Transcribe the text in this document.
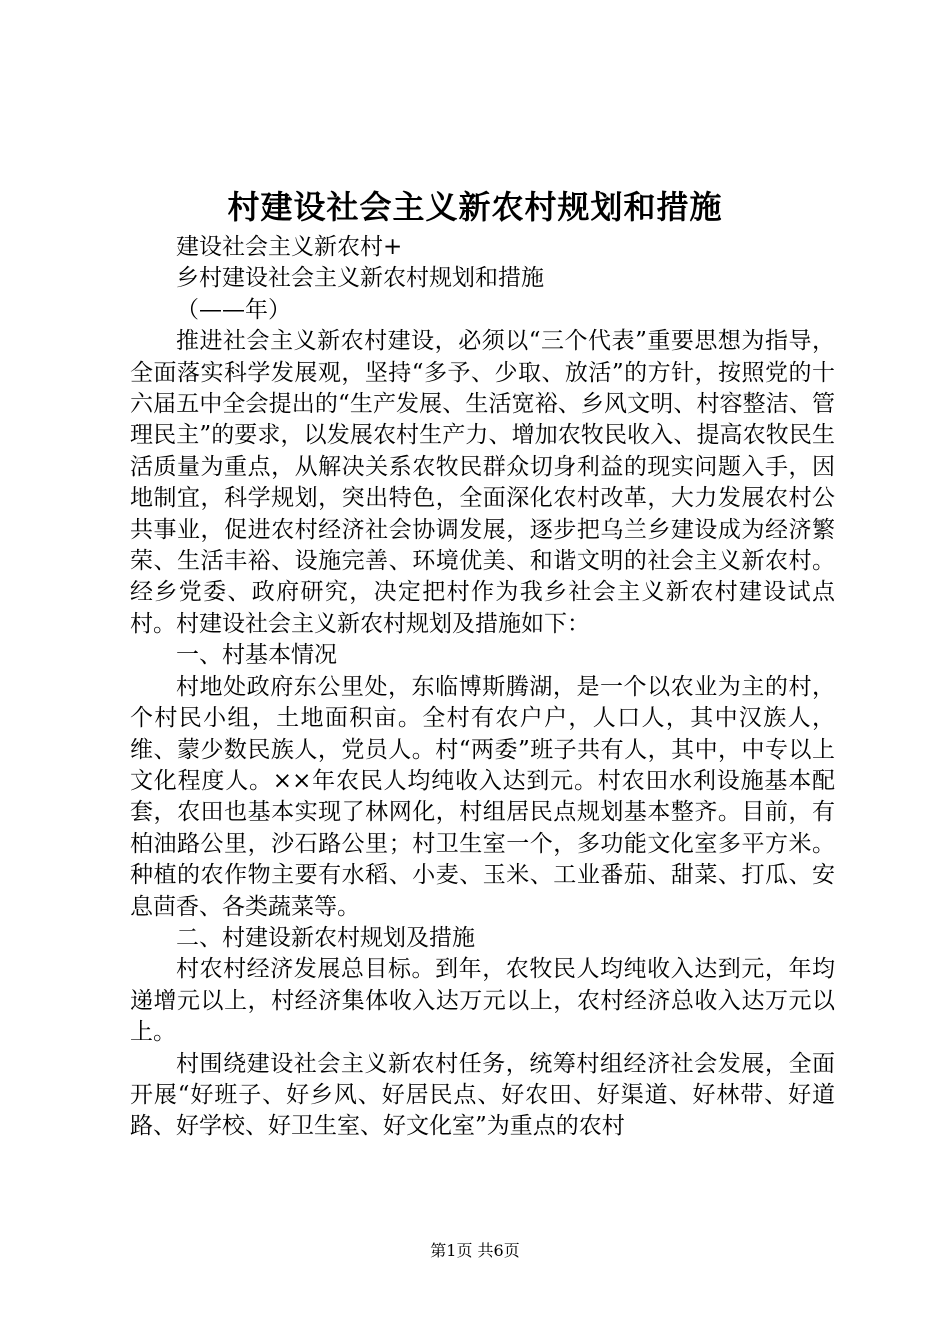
村建设社会主义新农村规划和措施

建设社会主义新农村+

乡村建设社会主义新农村规划和措施

（——年）

推进社会主义新农村建设，必须以“三个代表”重要思想为指导，全面落实科学发展观，坚持“多予、少取、放活”的方针，按照党的十六届五中全会提出的“生产发展、生活宽裕、乡风文明、村容整洁、管理民主”的要求，以发展农村生产力、增加农牧民收入、提高农牧民生活质量为重点，从解决关系农牧民群众切身利益的现实问题入手，因地制宜，科学规划，突出特色，全面深化农村改革，大力发展农村公共事业，促进农村经济社会协调发展，逐步把乌兰乡建设成为经济繁荣、生活丰裕、设施完善、环境优美、和谐文明的社会主义新农村。经乡党委、政府研究，决定把村作为我乡社会主义新农村建设试点村。村建设社会主义新农村规划及措施如下：

一、村基本情况

村地处政府东公里处，东临博斯腾湖，是一个以农业为主的村，个村民小组，土地面积亩。全村有农户户，人口人，其中汉族人，维、蒙少数民族人，党员人。村“两委”班子共有人，其中，中专以上文化程度人。××年农民人均纯收入达到元。村农田水利设施基本配套，农田也基本实现了林网化，村组居民点规划基本整齐。目前，有柏油路公里，沙石路公里；村卫生室一个，多功能文化室多平方米。种植的农作物主要有水稻、小麦、玉米、工业番茄、甜菜、打瓜、安息茴香、各类蔬菜等。

二、村建设新农村规划及措施

村农村经济发展总目标。到年，农牧民人均纯收入达到元，年均递增元以上，村经济集体收入达万元以上，农村经济总收入达万元以上。

村围绕建设社会主义新农村任务，统筹村组经济社会发展，全面开展“好班子、好乡风、好居民点、好农田、好渠道、好林带、好道路、好学校、好卫生室、好文化室”为重点的农村

第1页 共6页
